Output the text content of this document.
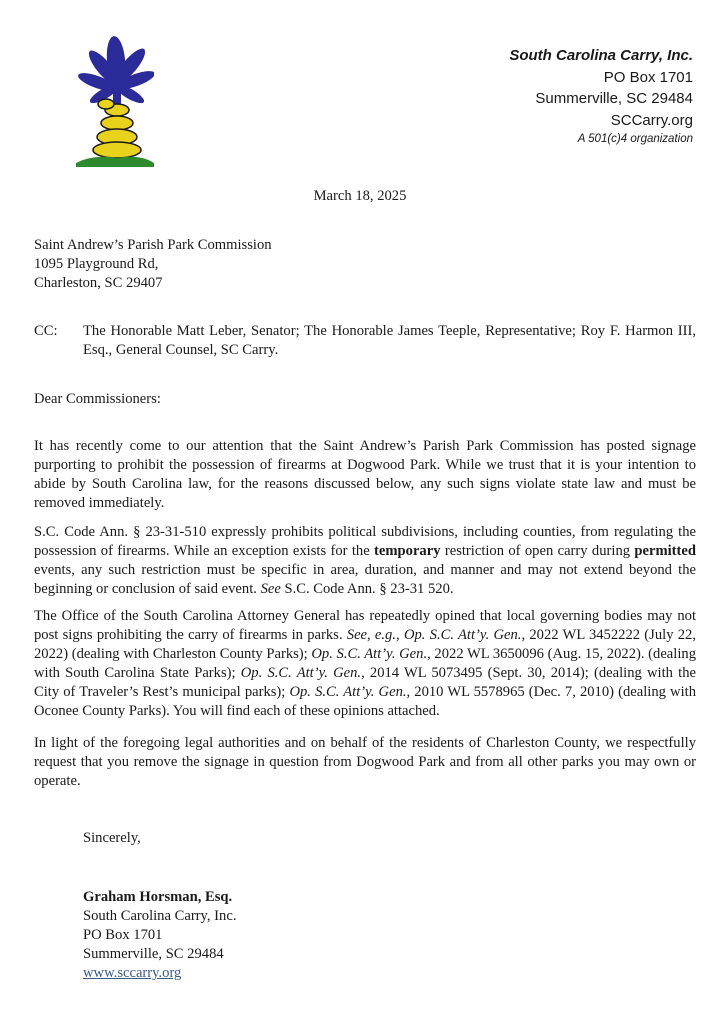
South Carolina Carry, Inc.
PO Box 1701
Summerville, SC 29484
SCCarry.org
A 501(c)4 organization
March 18, 2025
Saint Andrew’s Parish Park Commission
1095 Playground Rd,
Charleston, SC 29407
CC:	The Honorable Matt Leber, Senator; The Honorable James Teeple, Representative; Roy F. Harmon III, Esq., General Counsel, SC Carry.
Dear Commissioners:

It has recently come to our attention that the Saint Andrew’s Parish Park Commission has posted signage purporting to prohibit the possession of firearms at Dogwood Park. While we trust that it is your intention to abide by South Carolina law, for the reasons discussed below, any such signs violate state law and must be removed immediately.

S.C. Code Ann. § 23-31-510 expressly prohibits political subdivisions, including counties, from regulating the possession of firearms. While an exception exists for the temporary restriction of open carry during permitted events, any such restriction must be specific in area, duration, and manner and may not extend beyond the beginning or conclusion of said event. See S.C. Code Ann. § 23-31 520.

The Office of the South Carolina Attorney General has repeatedly opined that local governing bodies may not post signs prohibiting the carry of firearms in parks. See, e.g., Op. S.C. Att’y. Gen., 2022 WL 3452222 (July 22, 2022) (dealing with Charleston County Parks); Op. S.C. Att’y. Gen., 2022 WL 3650096 (Aug. 15, 2022). (dealing with South Carolina State Parks); Op. S.C. Att’y. Gen., 2014 WL 5073495 (Sept. 30, 2014); (dealing with the City of Traveler’s Rest’s municipal parks); Op. S.C. Att’y. Gen., 2010 WL 5578965 (Dec. 7, 2010) (dealing with Oconee County Parks). You will find each of these opinions attached.

In light of the foregoing legal authorities and on behalf of the residents of Charleston County, we respectfully request that you remove the signage in question from Dogwood Park and from all other parks you may own or operate.

Sincerely,
Graham Horsman, Esq.
South Carolina Carry, Inc.
PO Box 1701
Summerville, SC 29484
www.sccarry.org
